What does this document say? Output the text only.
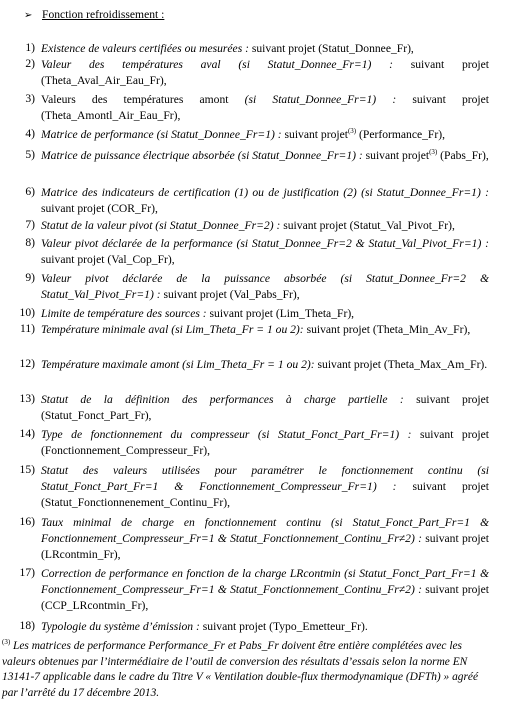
➢ Fonction refroidissement :
1) Existence de valeurs certifiées ou mesurées : suivant projet (Statut_Donnee_Fr),

2) Valeur des températures aval (si Statut_Donnee_Fr=1) : suivant projet (Theta_Aval_Air_Eau_Fr),

3) Valeurs des températures amont (si Statut_Donnee_Fr=1) : suivant projet (Theta_Amontl_Air_Eau_Fr),

4) Matrice de performance (si Statut_Donnee_Fr=1) : suivant projet$^{(3)}$ (Performance_Fr),

5) Matrice de puissance électrique absorbée (si Statut_Donnee_Fr=1) : suivant projet$^{(3)}$ (Pabs_Fr),

6) Matrice des indicateurs de certification (1) ou de justification (2) (si Statut_Donnee_Fr=1) : suivant projet (COR_Fr),

7) Statut de la valeur pivot (si Statut_Donnee_Fr=2) : suivant projet (Statut_Val_Pivot_Fr),

8) Valeur pivot déclarée de la performance (si Statut_Donnee_Fr=2 & Statut_Val_Pivot_Fr=1) : suivant projet (Val_Cop_Fr),

9) Valeur pivot déclarée de la puissance absorbée (si Statut_Donnee_Fr=2 & Statut_Val_Pivot_Fr=1) : suivant projet (Val_Pabs_Fr),

10) Limite de température des sources : suivant projet (Lim_Theta_Fr),

11) Température minimale aval (si Lim_Theta_Fr = 1 ou 2): suivant projet (Theta_Min_Av_Fr),

12) Température maximale amont (si Lim_Theta_Fr = 1 ou 2): suivant projet (Theta_Max_Am_Fr).

13) Statut de la définition des performances à charge partielle : suivant projet (Statut_Fonct_Part_Fr),

14) Type de fonctionnement du compresseur (si Statut_Fonct_Part_Fr=1) : suivant projet (Fonctionnement_Compresseur_Fr),

15) Statut des valeurs utilisées pour paramétrer le fonctionnement continu (si Statut_Fonct_Part_Fr=1 & Fonctionnement_Compresseur_Fr=1) : suivant projet (Statut_Fonctionnenement_Continu_Fr),

16) Taux minimal de charge en fonctionnement continu (si Statut_Fonct_Part_Fr=1 & Fonctionnement_Compresseur_Fr=1 & Statut_Fonctionnement_Continu_Fr≠2) : suivant projet (LRcontmin_Fr),

17) Correction de performance en fonction de la charge LRcontmin (si Statut_Fonct_Part_Fr=1 & Fonctionnement_Compresseur_Fr=1 & Statut_Fonctionnement_Continu_Fr≠2) : suivant projet (CCP_LRcontmin_Fr),

18) Typologie du système d’émission : suivant projet (Typo_Emetteur_Fr).

$^{(3)}$ Les matrices de performance Performance_Fr et Pabs_Fr doivent être entière complétées avec les valeurs obtenues par l’intermédiaire de l’outil de conversion des résultats d’essais selon la norme EN 13141-7 applicable dans le cadre du Titre V « Ventilation double-flux thermodynamique (DFTh) » agréé par l’arrêté du 17 décembre 2013.
